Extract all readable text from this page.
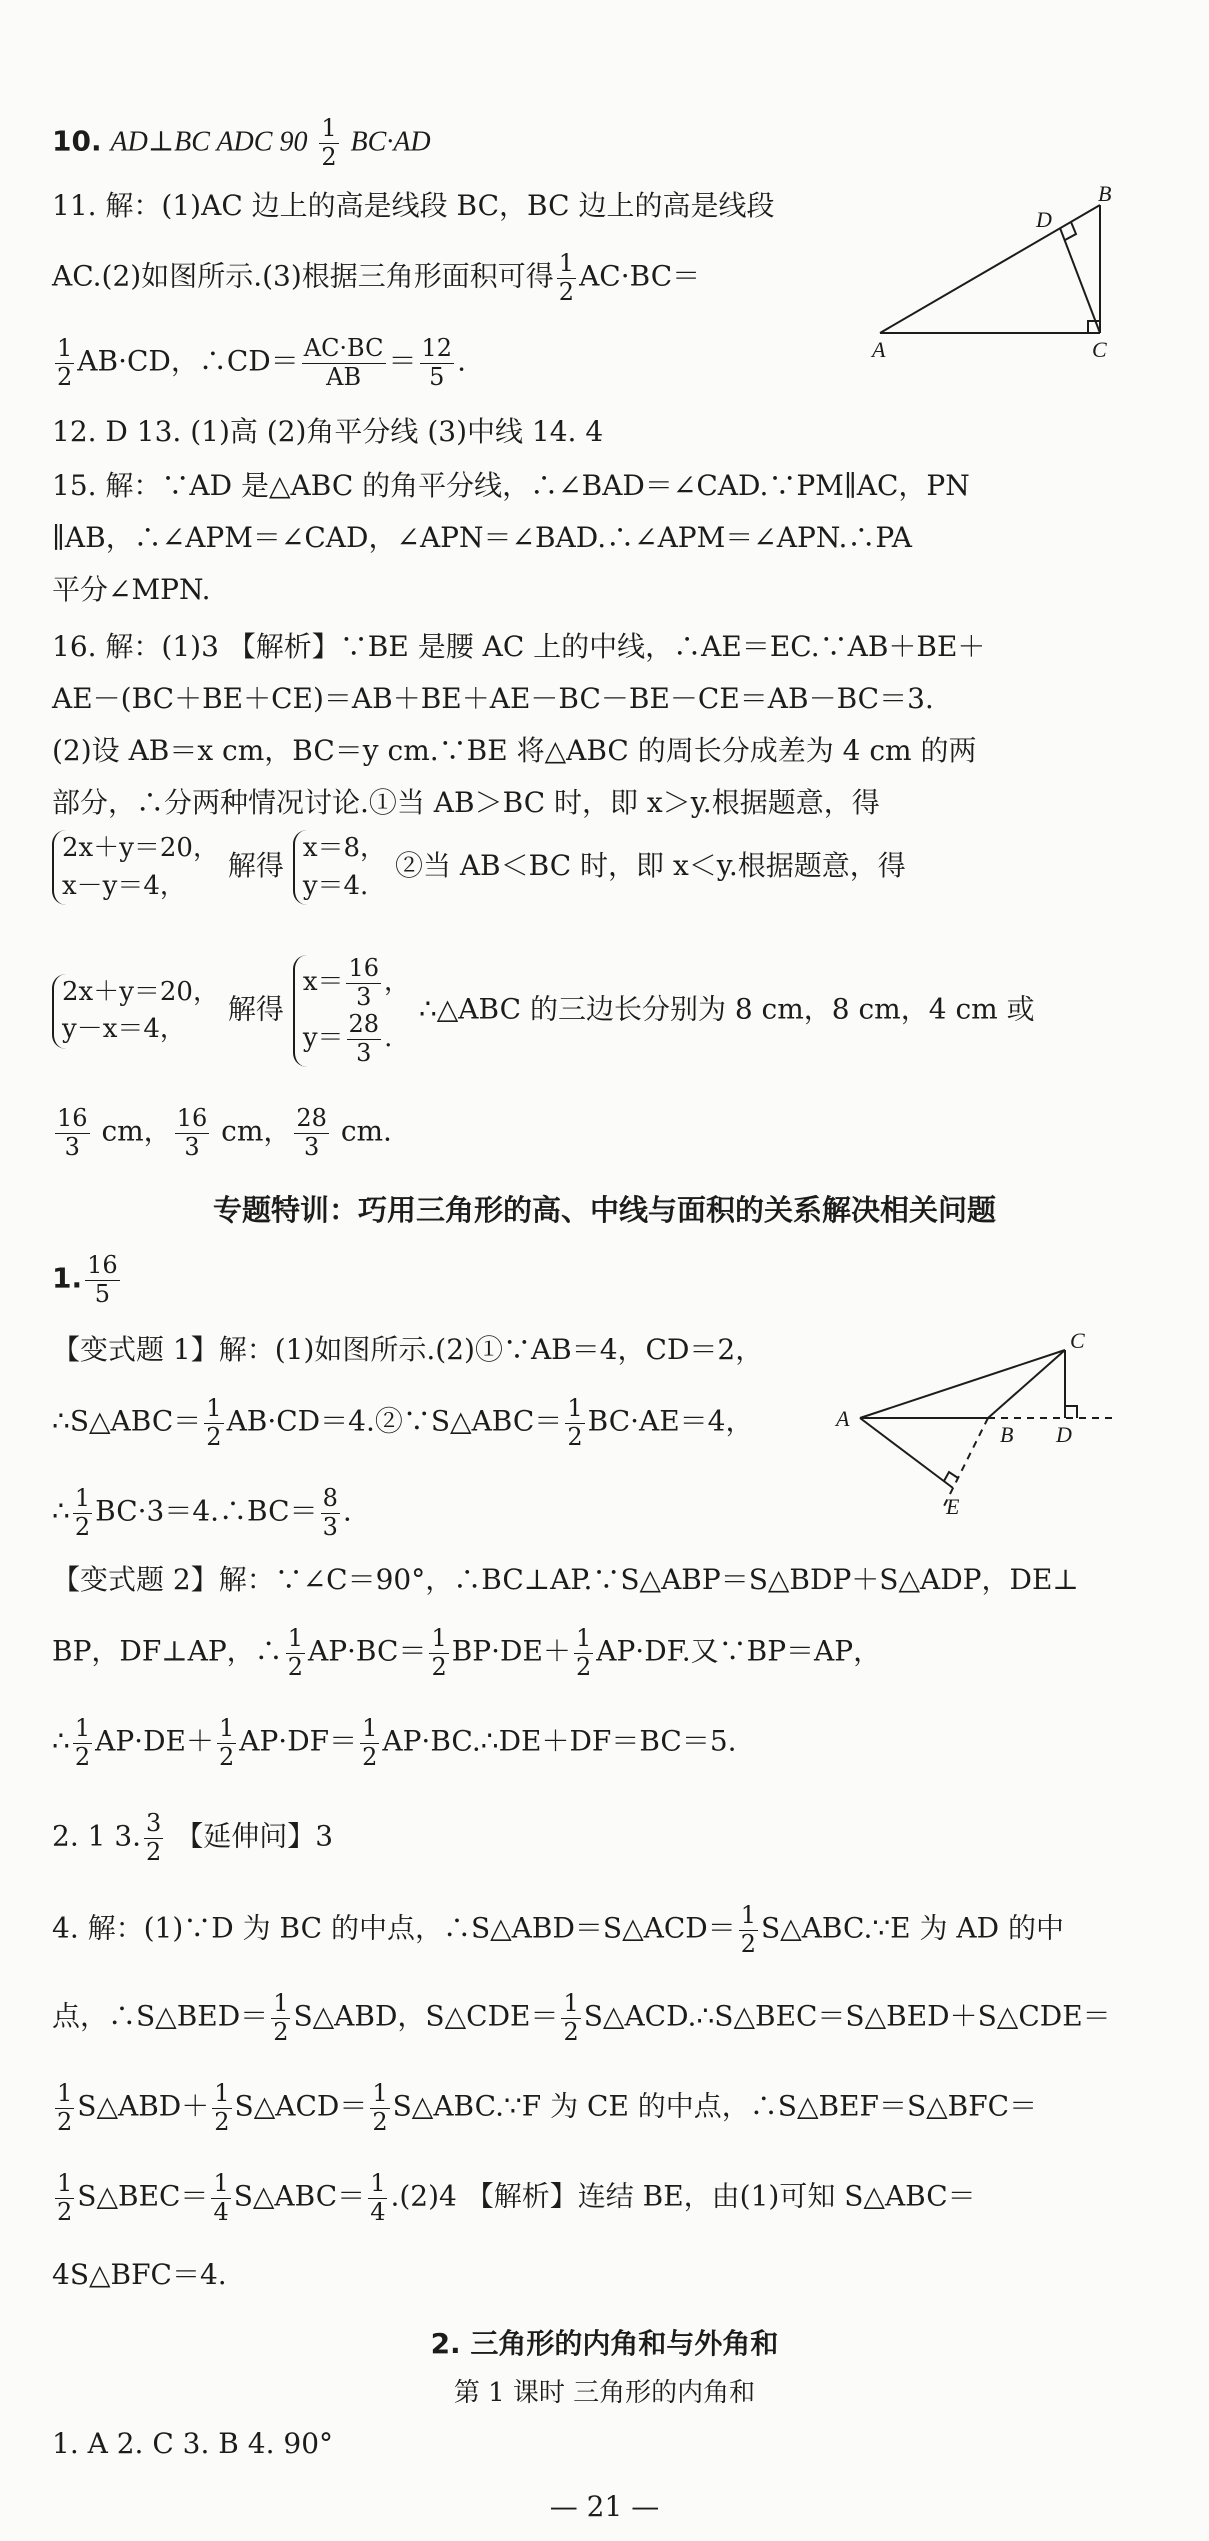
10. AD⊥BC ADC $90 \frac{1}{2} BC\cdot AD$
11. 解：(1)AC 边上的高是线段 BC，BC 边上的高是线段
AC.(2)如图所示.(3)根据三角形面积可得 $\frac{1}{2} AC\cdot BC=$
$\frac{1}{2} AB\cdot CD$，∴CD＝ $\frac{AC\cdot BC}{AB} = \frac{12}{5}$ .
B
D
A	C
12. D 13. (1)高 (2)角平分线 (3)中线 14. 4
15. 解：∵AD 是△ABC 的角平分线，∴∠BAD＝∠CAD.∵PM∥AC，PN
∥AB，∴∠APM＝∠CAD，∠APN＝∠BAD.∴∠APM＝∠APN.∴PA
平分∠MPN.
16. 解：(1)3 【解析】∵BE 是腰 AC 上的中线，∴AE＝EC.∵AB＋BE＋
AE－(BC＋BE＋CE)＝AB＋BE＋AE－BC－BE－CE＝AB－BC＝3.
(2)设 AB＝x cm，BC＝y cm.∵BE 将△ABC 的周长分成差为 4 cm 的两
部分，∴分两种情况讨论.①当 AB＞BC 时，即 x＞y.根据题意，得
2x＋y＝20，
x－y＝4，
解得
x＝8，
y＝4.
②当 AB＜BC 时，即 x＜y.根据题意，得
2x＋y＝20，
y－x＝4，
解得
$x= \frac{16}{3}$ ，
$y= \frac{28}{3}$ .
∴△ABC 的三边长分别为 8 cm，8 cm，4 cm 或
$\frac{16}{3}$ cm， $\frac{16}{3}$ cm， $\frac{28}{3}$ cm.
专题特训：巧用三角形的高、中线与面积的关系解决相关问题
1. $\frac{16}{5}$
【变式题 1】解：(1)如图所示.(2)①∵AB＝4，CD＝2，
∴S△ABC＝ $\frac{1}{2}$ AB·CD＝4.②∵S△ABC＝ $\frac{1}{2} BC\cdot AE=4$，
∴ $\frac{1}{2}$ BC·3＝4.∴BC＝ $\frac{8}{3}$ .
C
A
B D
E
【变式题 2】解：∵∠C＝90°，∴BC⊥AP.∵S△ABP＝S△BDP＋S△ADP，DE⊥
BP，DF⊥AP，∴ $\frac{1}{2} AP\cdot BC= \frac{1}{2} BP\cdot DE+ \frac{1}{2} AP\cdot DF$.又∵BP＝AP，
∴ $\frac{1}{2} AP\cdot DE+ \frac{1}{2} AP\cdot DF= \frac{1}{2}$ AP·BC.∴DE＋DF＝BC＝5.
2. 1 3. $\frac{3}{2}$ 【延伸问】3
4. 解：(1)∵D 为 BC 的中点，∴S△ABD＝S△ACD＝ $\frac{1}{2}$ S△ABC.∵E 为 AD 的中
点，∴S△BED＝ $\frac{1}{2}$ S△ABD，S△CDE＝ $\frac{1}{2}$ S△ACD.∴S△BEC＝S△BED＋S△CDE＝
$\frac{1}{2}$ S△ABD＋ $\frac{1}{2}$ S△ACD＝ $\frac{1}{2}$ S△ABC.∵F 为 CE 的中点，∴S△BEF＝S△BFC＝
$\frac{1}{2}$ S△BEC＝ $\frac{1}{4}$ S△ABC＝ $\frac{1}{4} .(2)4$ 【解析】连结 BE，由(1)可知 S△ABC＝
4S△BFC＝4.
2. 三角形的内角和与外角和
第 1 课时 三角形的内角和
1. A 2. C 3. B 4. 90°
— 21 —
